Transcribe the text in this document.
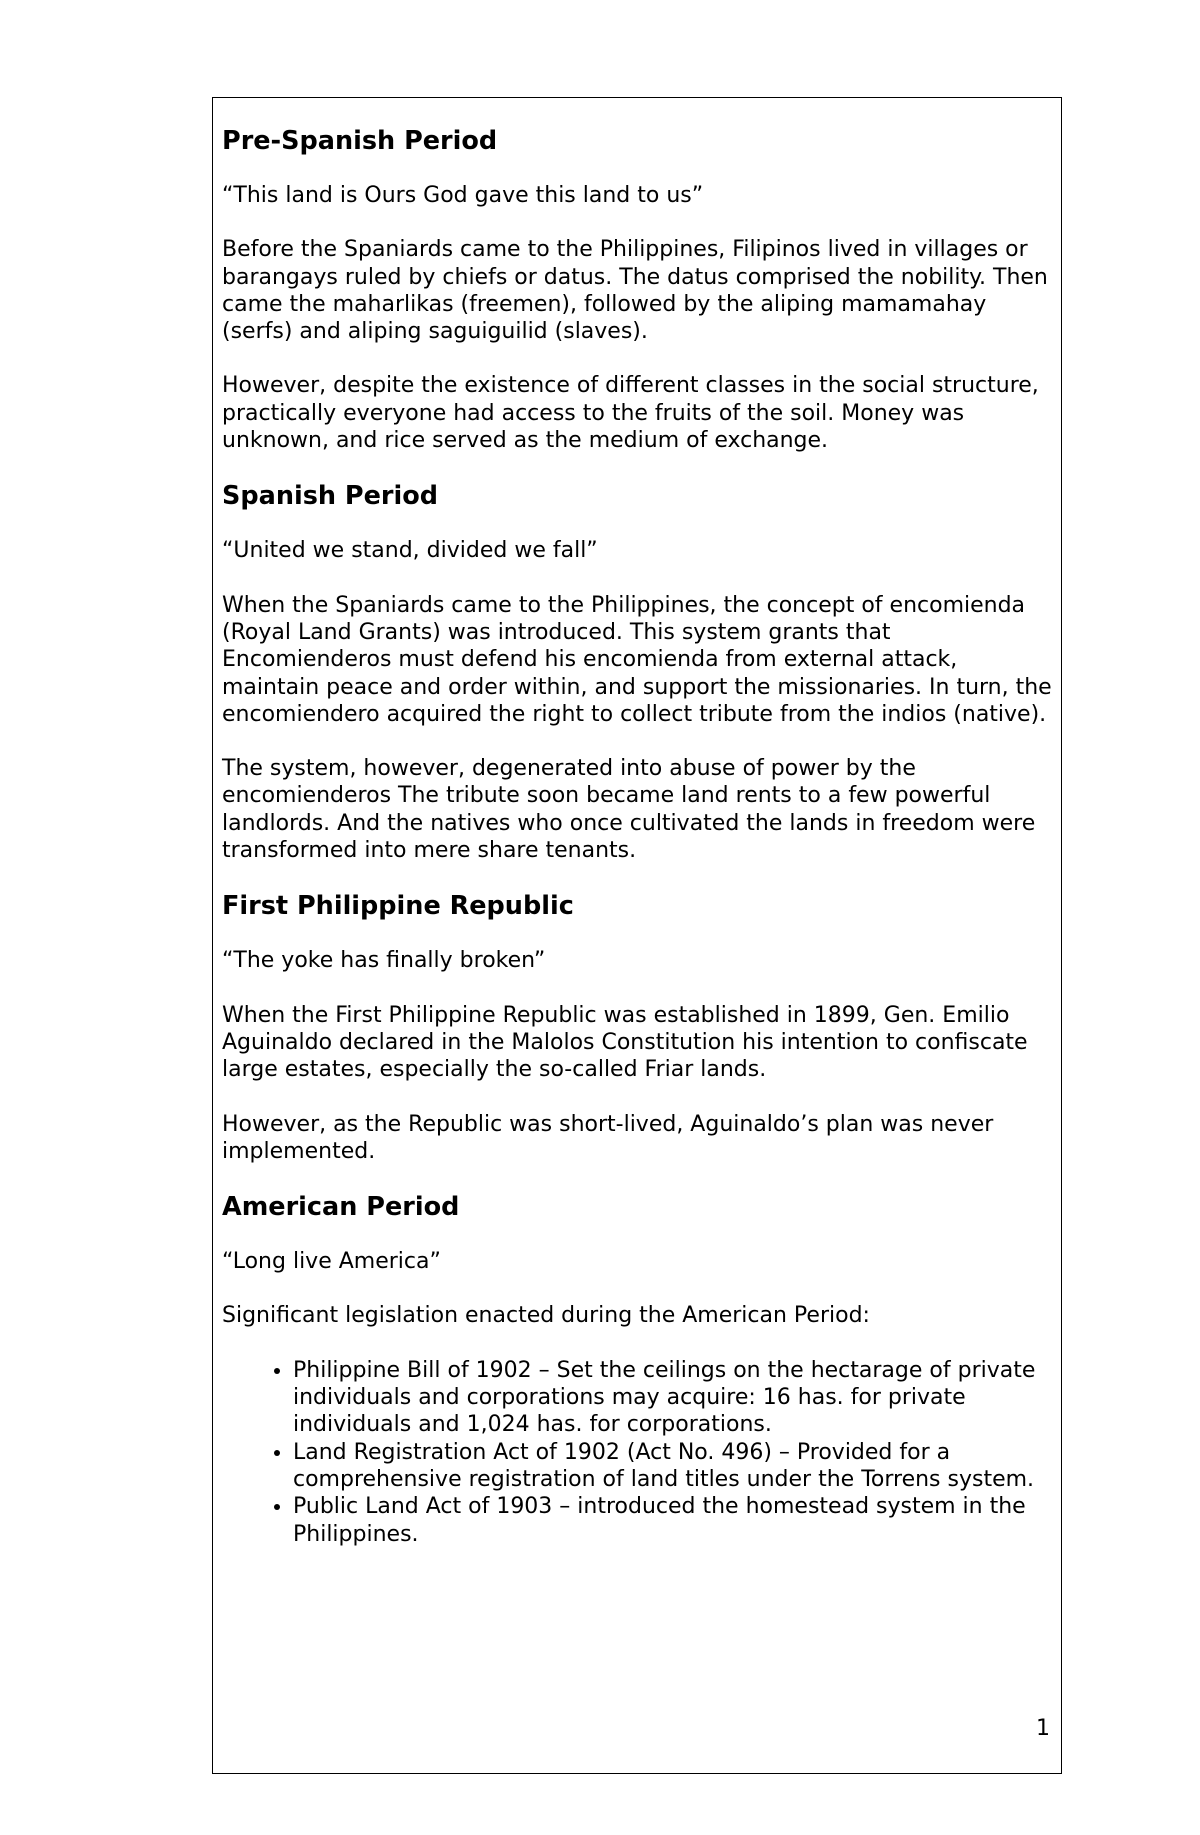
Pre-Spanish Period

“This land is Ours God gave this land to us”

Before the Spaniards came to the Philippines, Filipinos lived in villages or barangays ruled by chiefs or datus. The datus comprised the nobility. Then came the maharlikas (freemen), followed by the aliping mamamahay (serfs) and aliping saguiguilid (slaves).

However, despite the existence of different classes in the social structure, practically everyone had access to the fruits of the soil. Money was unknown, and rice served as the medium of exchange.

Spanish Period

“United we stand, divided we fall”

When the Spaniards came to the Philippines, the concept of encomienda (Royal Land Grants) was introduced. This system grants that Encomienderos must defend his encomienda from external attack, maintain peace and order within, and support the missionaries. In turn, the encomiendero acquired the right to collect tribute from the indios (native).

The system, however, degenerated into abuse of power by the encomienderos The tribute soon became land rents to a few powerful landlords. And the natives who once cultivated the lands in freedom were transformed into mere share tenants.

First Philippine Republic

“The yoke has finally broken”

When the First Philippine Republic was established in 1899, Gen. Emilio Aguinaldo declared in the Malolos Constitution his intention to confiscate large estates, especially the so-called Friar lands.

However, as the Republic was short-lived, Aguinaldo’s plan was never implemented.

American Period

“Long live America”

Significant legislation enacted during the American Period:

• Philippine Bill of 1902 – Set the ceilings on the hectarage of private individuals and corporations may acquire: 16 has. for private individuals and 1,024 has. for corporations.
• Land Registration Act of 1902 (Act No. 496) – Provided for a comprehensive registration of land titles under the Torrens system.
• Public Land Act of 1903 – introduced the homestead system in the Philippines.
1
